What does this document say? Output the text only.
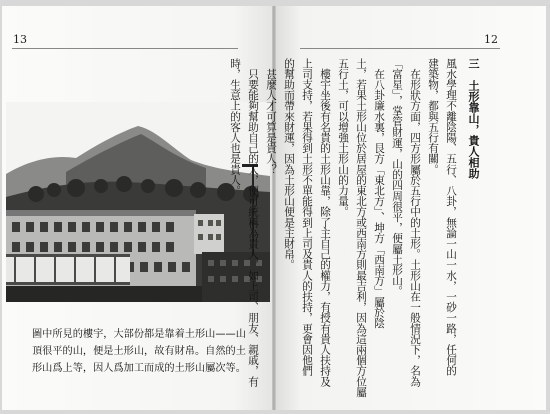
13
圖中所見的樓宇，大部份都是靠着土形山——山
頂很平的山，便是土形山，故有財帛。自然的土
形山爲上等，因人爲加工而成的土形山屬次等。
12
三　土形靠山，貴人相助
風水學理不離陰陽、五行、八卦，無論一山一水，一砂一路，任何的
建築物，都與五行有關。
　在形狀方面，四方形屬於五行中的土形。土形山在一般情況下，名為
「富星」，掌管財運，山的四周很平，便屬土形山。
　在八卦廉水裏，艮方「東北方」、坤方「西南方」屬於陰
土，若果土形山位於居屋的東北方或西南方則最吉利，因為這兩個方位屬
五行土，可以增強土形山的力量。
　樓宇坐後有名貴的土形山靠，除了主自己的權力，有授有貴人扶持及
上司支持，若果得到土形不單能得到上司及貴人的扶持，更會因他們
的幫助而帶來財運，因為土形山便是主財帛。
　甚麼人才可算是貴人？
　只要能夠幫助自己的人，便可統稱為貴人，如上司、朋友、親戚，有
時，生意上的客人也是貴人。
